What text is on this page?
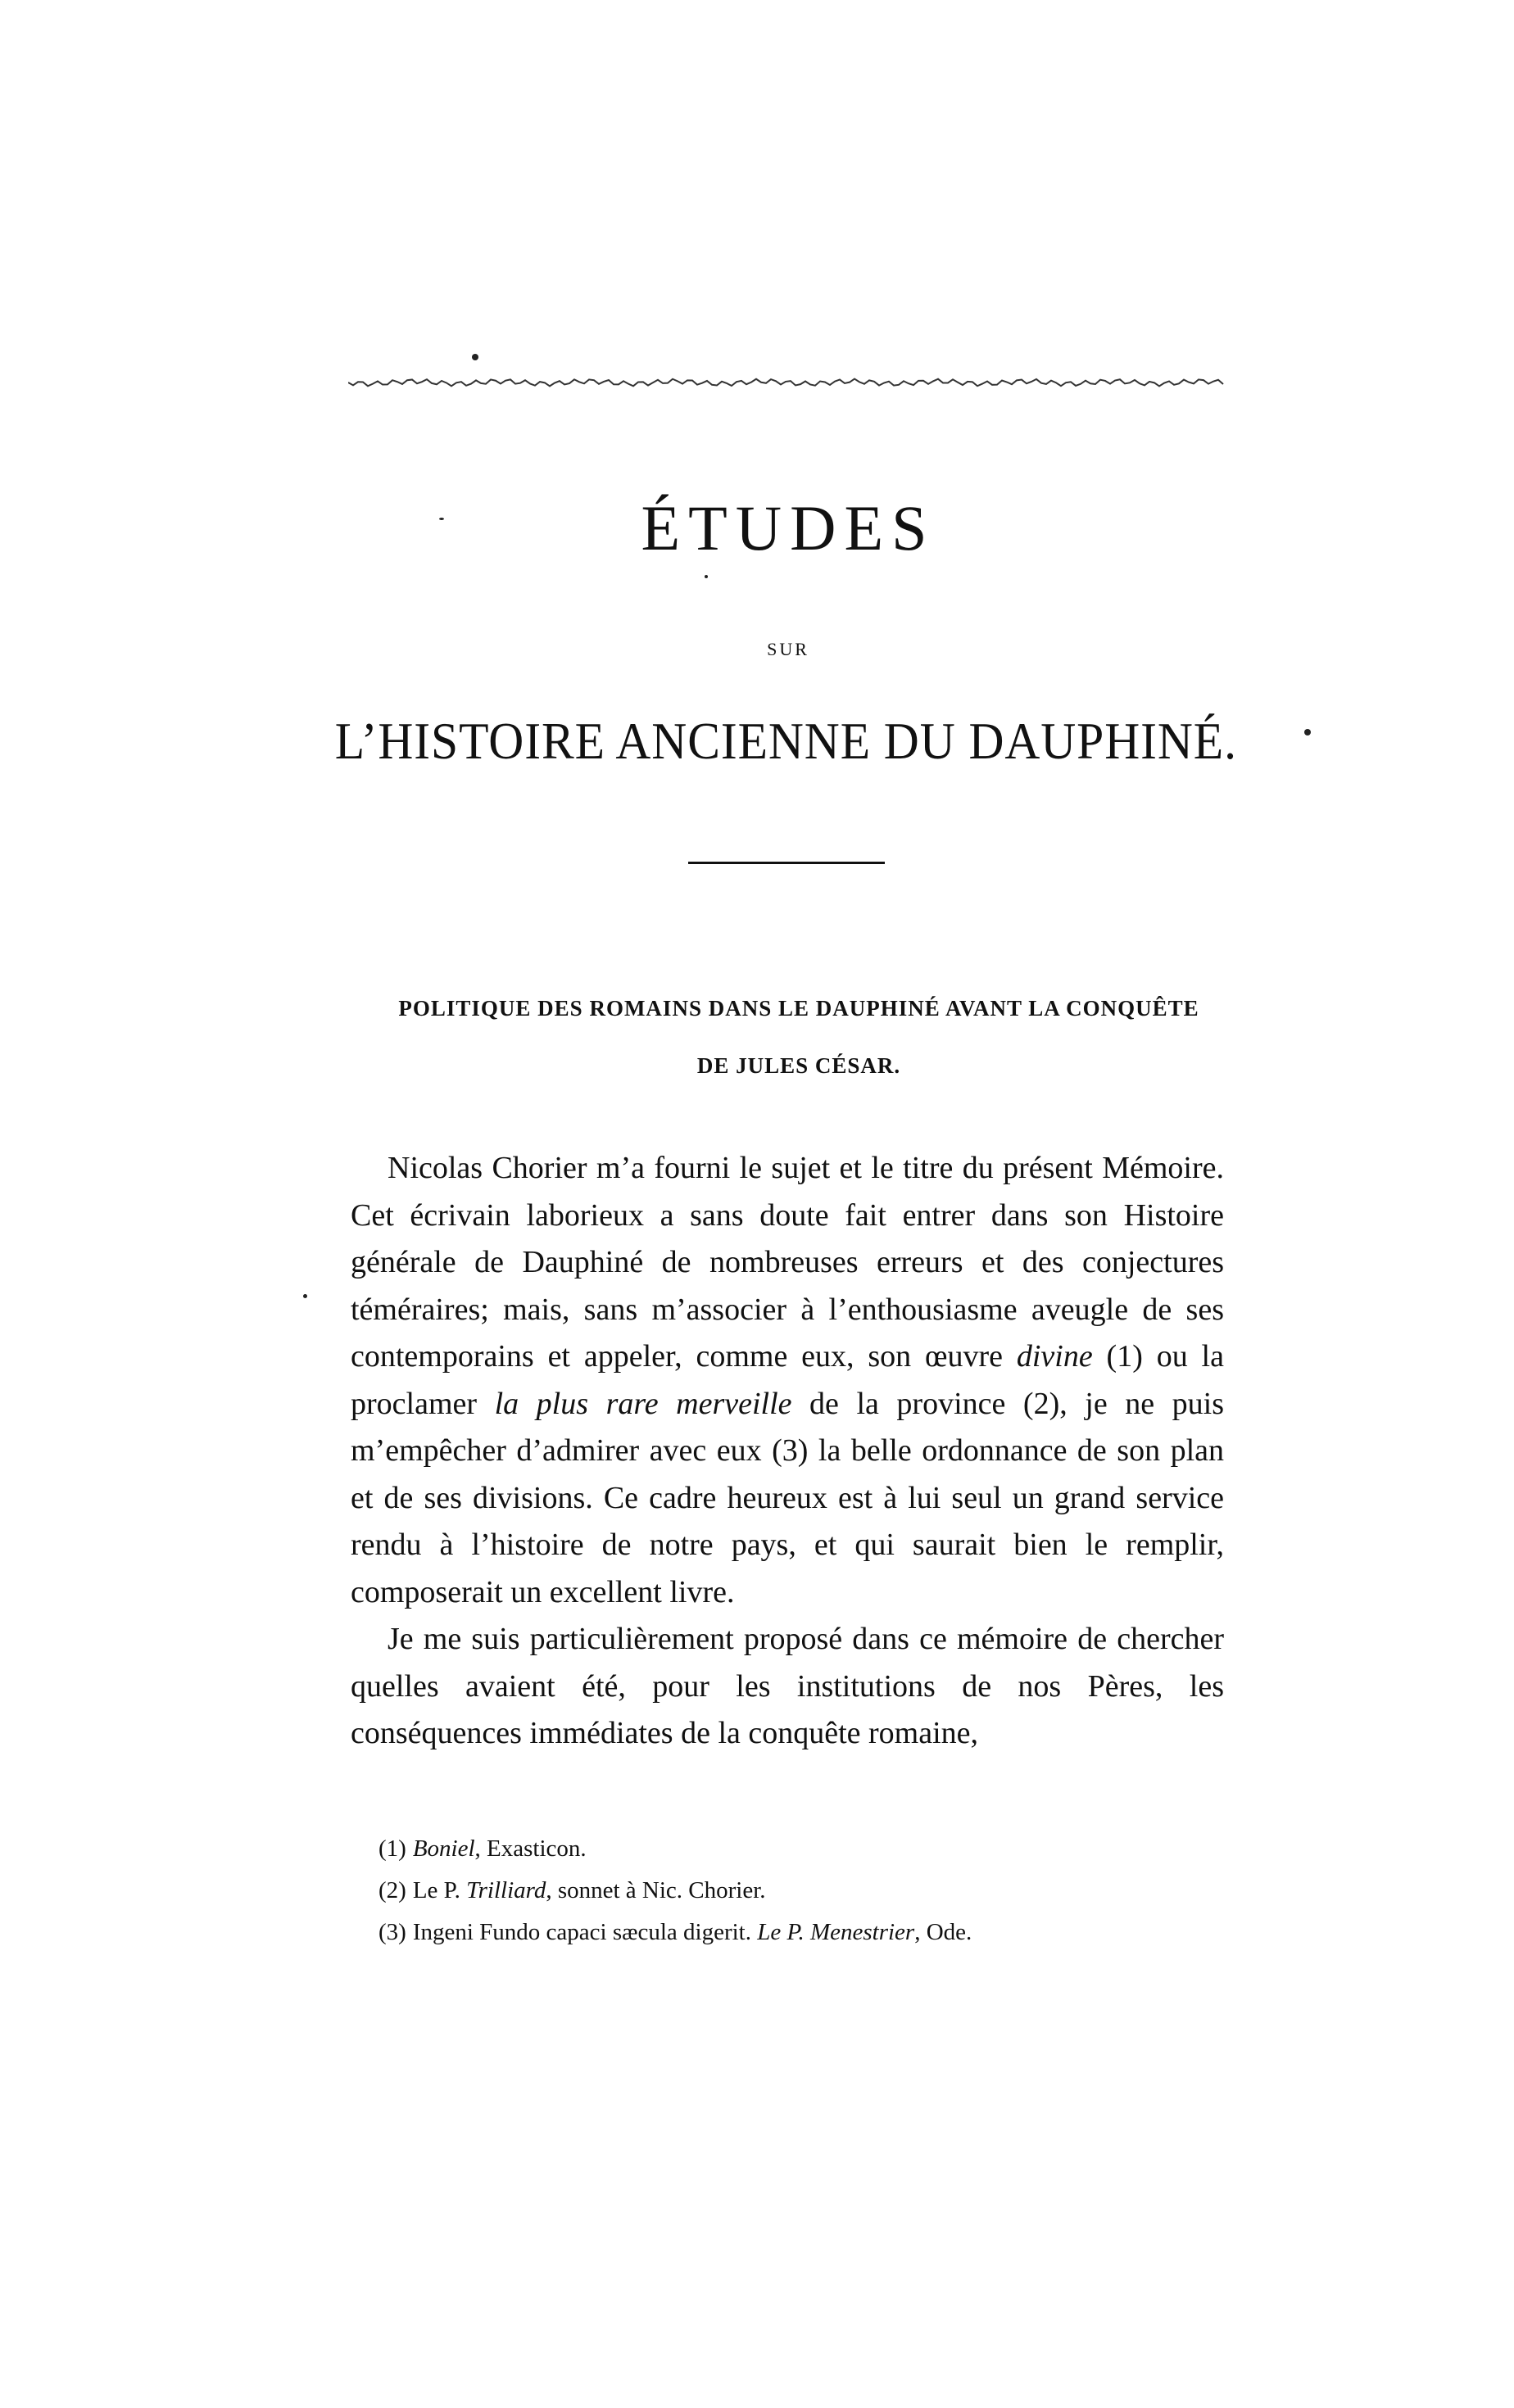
ÉTUDES
SUR
L’HISTOIRE ANCIENNE DU DAUPHINÉ.
POLITIQUE DES ROMAINS DANS LE DAUPHINÉ AVANT LA CONQUÊTE
DE JULES CÉSAR.

Nicolas Chorier m’a fourni le sujet et le titre du présent Mémoire. Cet écrivain laborieux a sans doute fait entrer dans son Histoire générale de Dauphiné de nombreuses erreurs et des conjectures téméraires; mais, sans m’associer à l’enthousiasme aveugle de ses contemporains et appeler, comme eux, son œuvre divine (1) ou la proclamer la plus rare merveille de la province (2), je ne puis m’empêcher d’admirer avec eux (3) la belle ordonnance de son plan et de ses divisions. Ce cadre heureux est à lui seul un grand service rendu à l’histoire de notre pays, et qui saurait bien le remplir, composerait un excellent livre.

Je me suis particulièrement proposé dans ce mémoire de chercher quelles avaient été, pour les institutions de nos Pères, les conséquences immédiates de la conquête romaine,

(1) Boniel, Exasticon.
(2) Le P. Trilliard, sonnet à Nic. Chorier.
(3) Ingeni Fundo capaci sæcula digerit. Le P. Menestrier, Ode.
